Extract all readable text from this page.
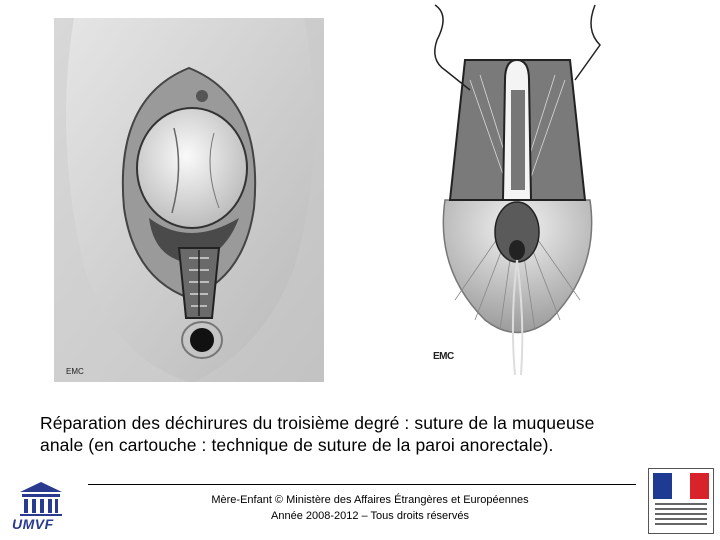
EMC
EMC
Réparation des déchirures du troisième degré : suture de la muqueuse
anale (en cartouche : technique de suture de la paroi anorectale).
Mère-Enfant © Ministère des Affaires Étrangères et Européennes
Année 2008-2012 – Tous droits réservés
UMVF
